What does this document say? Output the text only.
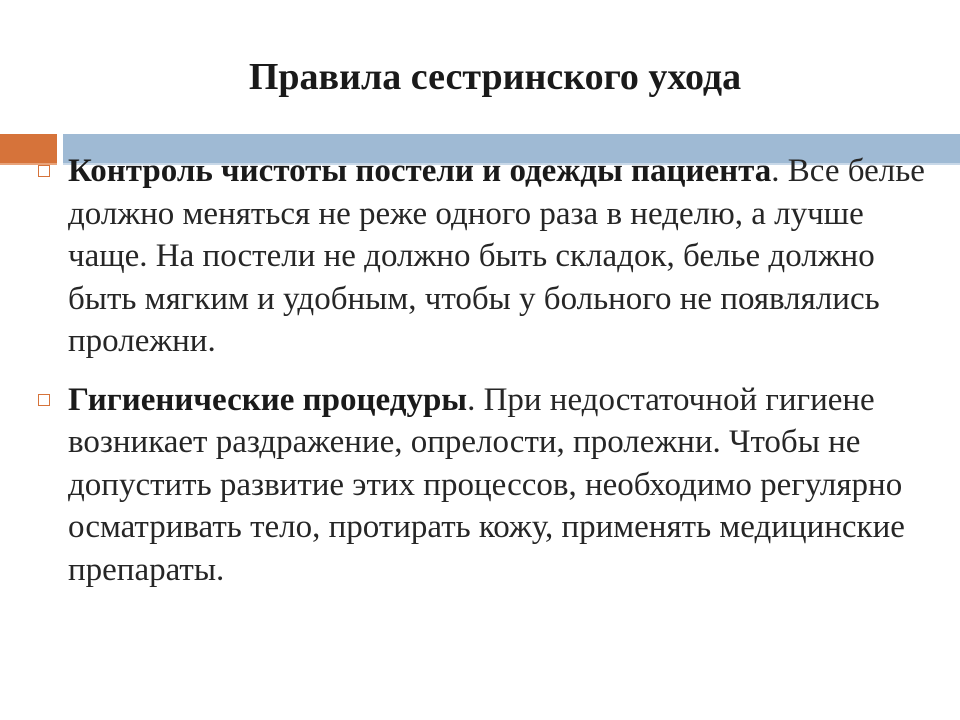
Правила сестринского ухода
Контроль чистоты постели и одежды пациента. Все белье должно меняться не реже одного раза в неделю, а лучше чаще. На постели не должно быть складок, белье должно быть мягким и удобным, чтобы у больного не появлялись пролежни.
Гигиенические процедуры. При недостаточной гигиене возникает раздражение, опрелости, пролежни. Чтобы не допустить развитие этих процессов, необходимо регулярно осматривать тело, протирать кожу, применять медицинские препараты.
